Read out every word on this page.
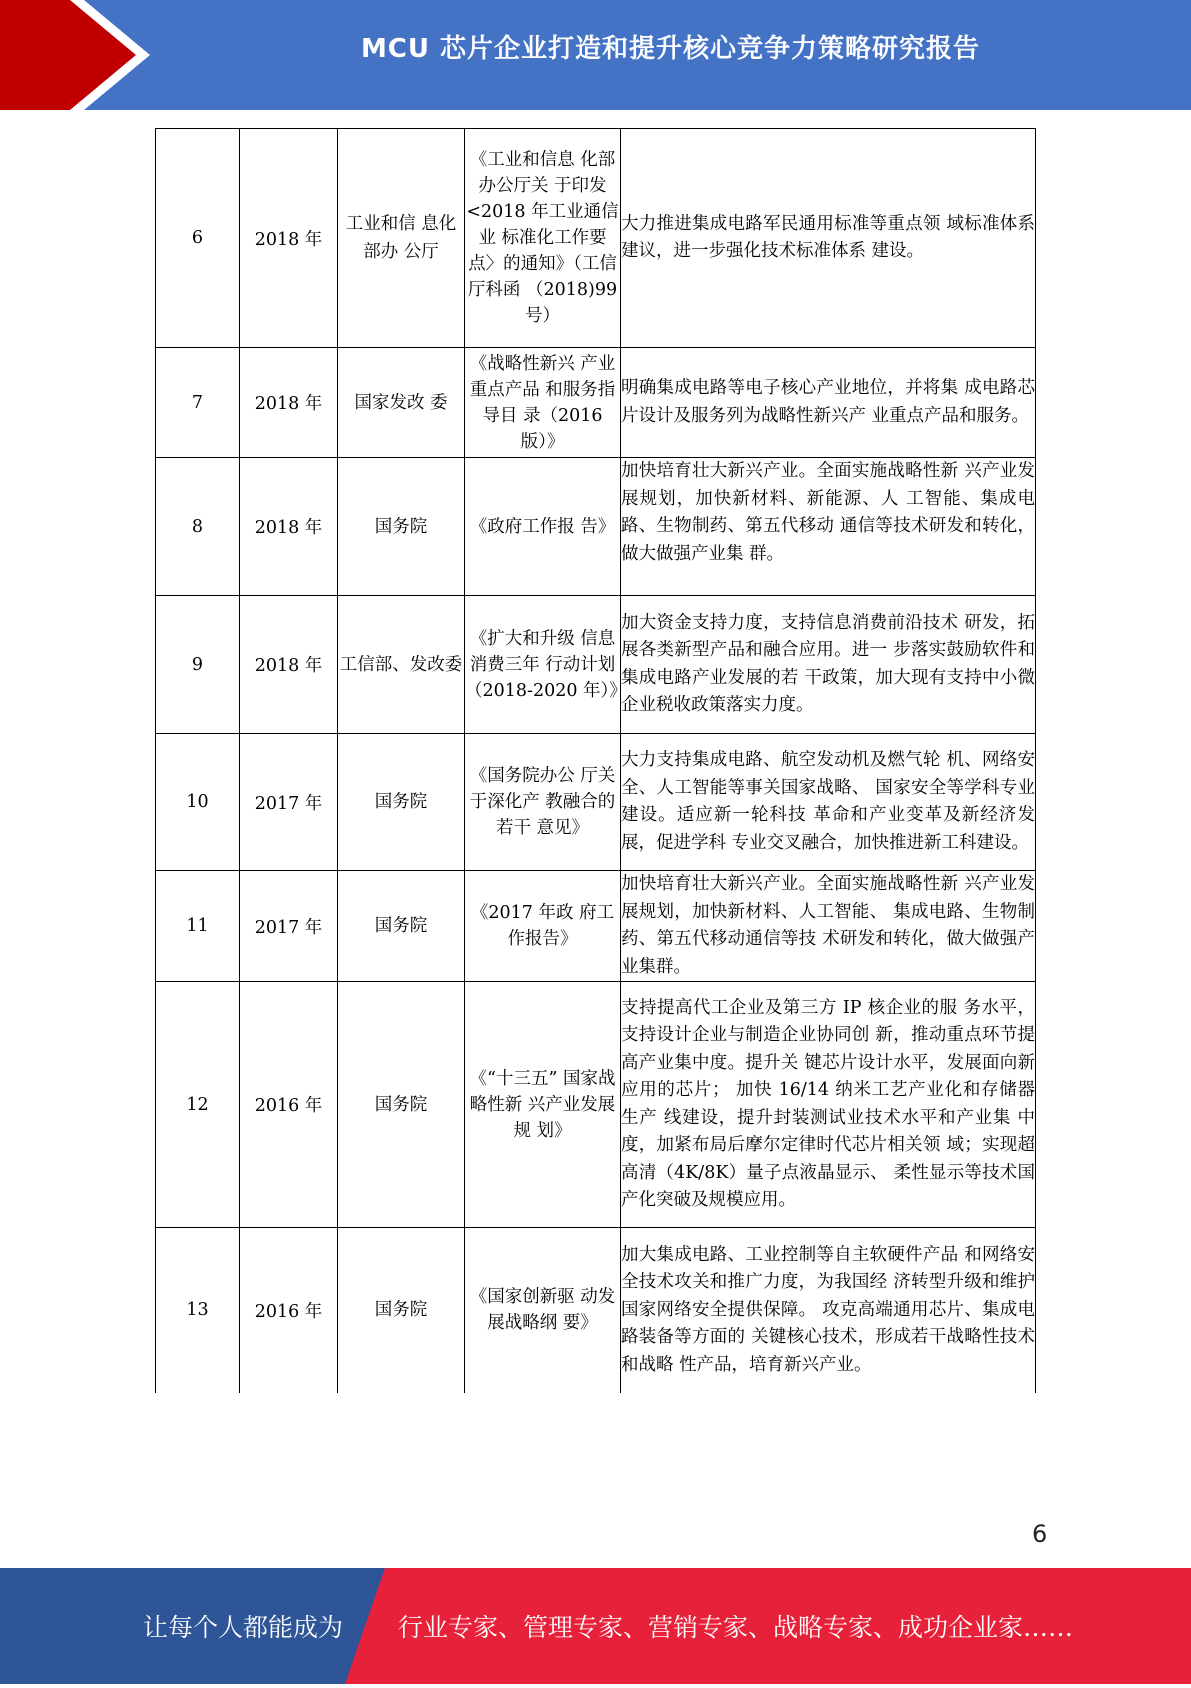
MCU 芯片企业打造和提升核心竞争力策略研究报告
6	2018 年	工业和信 息化部办 公厅	《工业和信息 化部办公厅关 于印发<2018 年工业通信业 标准化工作要 点〉的通知》（工信厅科函 （2018)99 号）	大力推进集成电路军民通用标准等重点领 域标准体系建议，进一步强化技术标准体系 建设。
7	2018 年	国家发改 委	《战略性新兴 产业重点产品 和服务指导目 录（2016 版）》	明确集成电路等电子核心产业地位，并将集 成电路芯片设计及服务列为战略性新兴产 业重点产品和服务。
8	2018 年	国务院	《政府工作报 告》	加快培育壮大新兴产业。全面实施战略性新 兴产业发展规划，加快新材料、新能源、人 工智能、集成电路、生物制药、第五代移动 通信等技术研发和转化，做大做强产业集 群。
9	2018 年	工信部、发改委	《扩大和升级 信息消费三年 行动计划（2018-2020 年）》	加大资金支持力度，支持信息消费前沿技术 研发，拓展各类新型产品和融合应用。进一 步落实鼓励软件和集成电路产业发展的若 干政策，加大现有支持中小微企业税收政策落实力度。
10	2017 年	国务院	《国务院办公 厅关于深化产 教融合的若干 意见》	大力支持集成电路、航空发动机及燃气轮 机、网络安全、人工智能等事关国家战略、 国家安全等学科专业建设。适应新一轮科技 革命和产业变革及新经济发展，促进学科 专业交叉融合，加快推进新工科建设。
11	2017 年	国务院	《2017 年政 府工作报告》	加快培育壮大新兴产业。全面实施战略性新 兴产业发展规划，加快新材料、人工智能、 集成电路、生物制药、第五代移动通信等技 术研发和转化，做大做强产业集群。
12	2016 年	国务院	《“十三五” 国家战略性新 兴产业发展规 划》	支持提高代工企业及第三方 IP 核企业的服 务水平，支持设计企业与制造企业协同创 新，推动重点环节提高产业集中度。提升关 键芯片设计水平，发展面向新应用的芯片； 加快 16/14 纳米工艺产业化和存储器生产 线建设，提升封装测试业技术水平和产业集 中度，加紧布局后摩尔定律时代芯片相关领 域；实现超高清（4K/8K）量子点液晶显示、 柔性显示等技术国产化突破及规模应用。
13	2016 年	国务院	《国家创新驱 动发展战略纲 要》	加大集成电路、工业控制等自主软硬件产品 和网络安全技术攻关和推广力度，为我国经 济转型升级和维护国家网络安全提供保障。 攻克高端通用芯片、集成电路装备等方面的 关键核心技术，形成若干战略性技术和战略 性产品，培育新兴产业。
6
让每个人都能成为 行业专家、管理专家、营销专家、战略专家、成功企业家……
